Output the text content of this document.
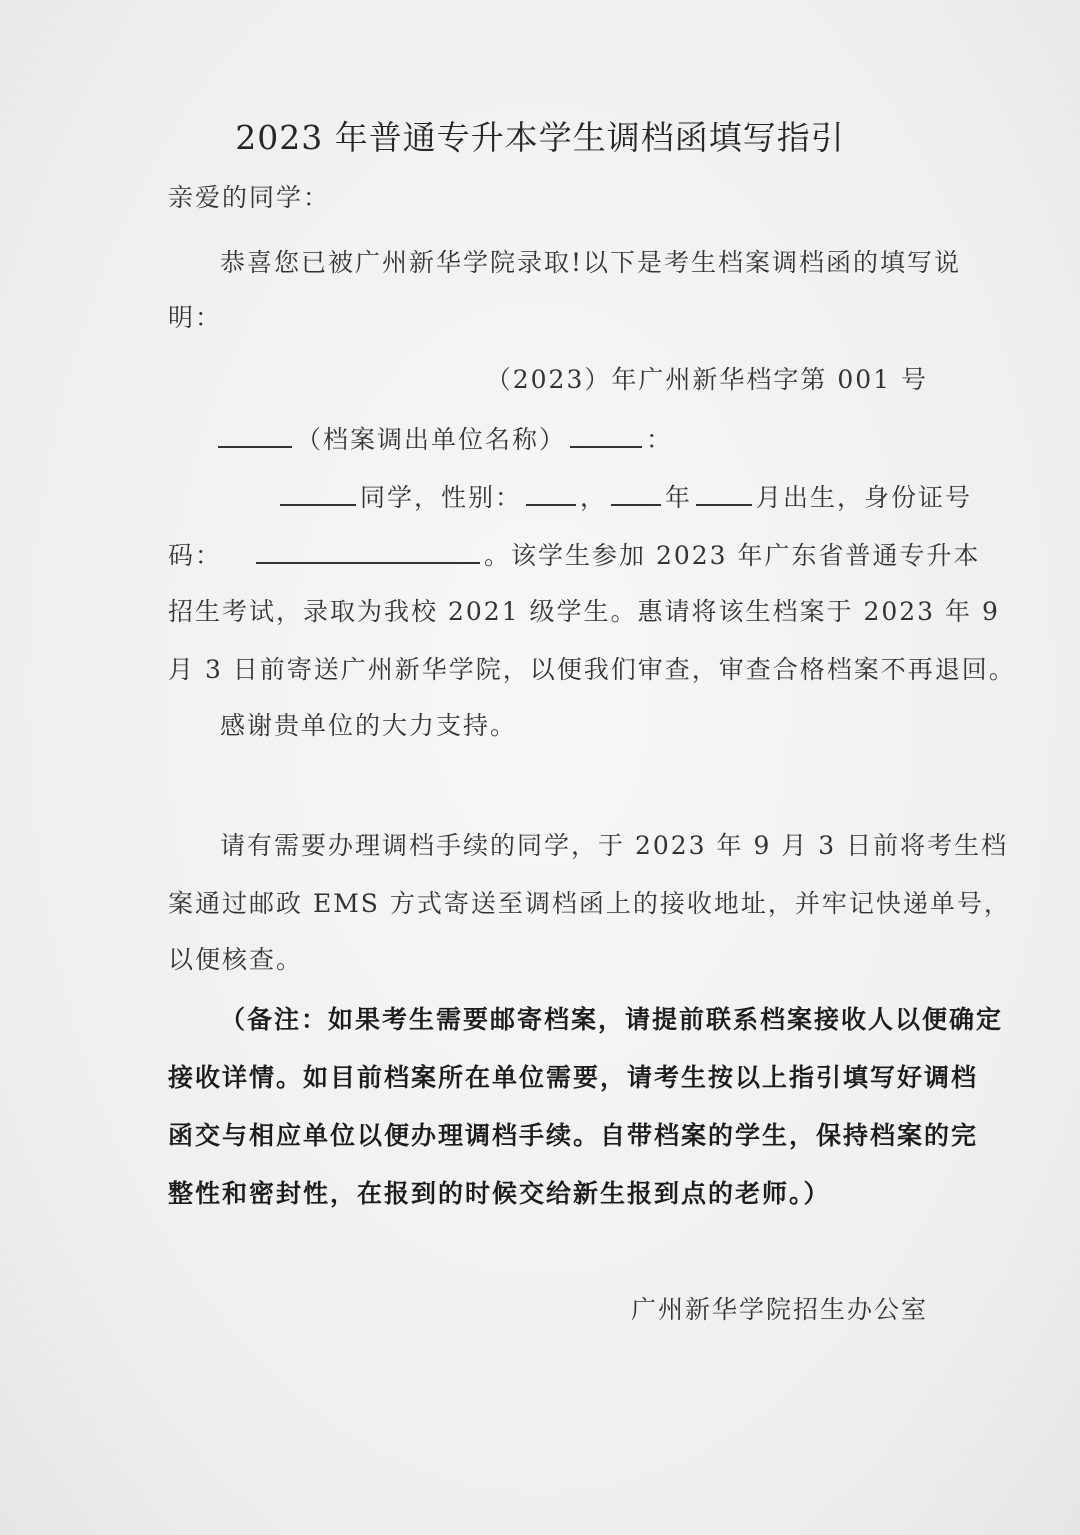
2023 年普通专升本学生调档函填写指引
亲爱的同学：
恭喜您已被广州新华学院录取!以下是考生档案调档函的填写说
明：
（2023）年广州新华档字第 001 号
（档案调出单位名称）	：
同学，性别： ， 年	月出生，身份证号
码：	。该学生参加 2023 年广东省普通专升本
招生考试，录取为我校 2021 级学生。惠请将该生档案于 2023 年 9
月 3 日前寄送广州新华学院，以便我们审查，审查合格档案不再退回。
感谢贵单位的大力支持。
请有需要办理调档手续的同学，于 2023 年 9 月 3 日前将考生档
案通过邮政 EMS 方式寄送至调档函上的接收地址，并牢记快递单号，
以便核查。
（备注：如果考生需要邮寄档案，请提前联系档案接收人以便确定
接收详情。如目前档案所在单位需要，请考生按以上指引填写好调档
函交与相应单位以便办理调档手续。自带档案的学生，保持档案的完
整性和密封性，在报到的时候交给新生报到点的老师。）
广州新华学院招生办公室
